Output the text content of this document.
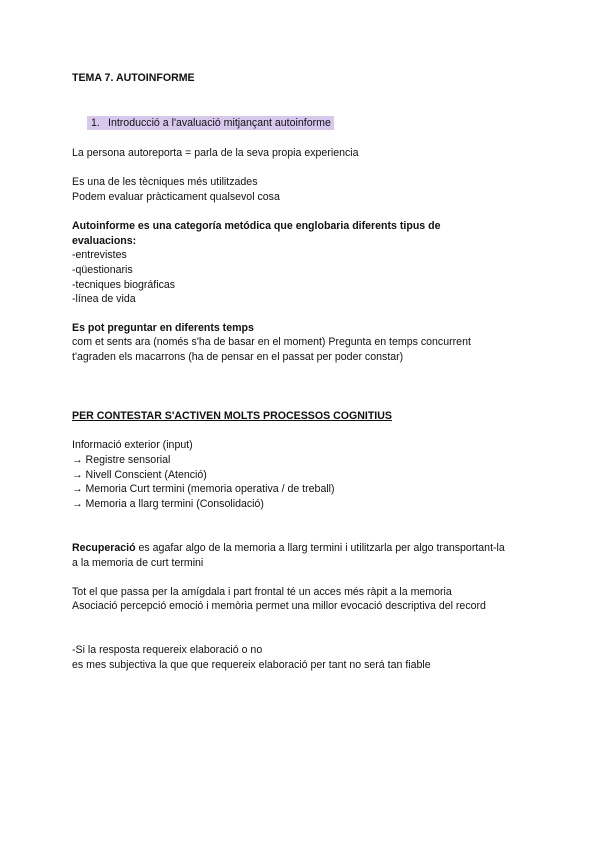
TEMA 7. AUTOINFORME
1. Introducció a l'avaluació mitjançant autoinforme
La persona autoreporta = parla de la seva propia experiencia
Es una de les tècniques més utilitzades
Podem evaluar pràcticament qualsevol cosa
Autoinforme es una categoría metódica que englobaria diferents tipus de
evaluacions:
-entrevistes
-qüestionaris
-tecniques biográficas
-línea de vida
Es pot preguntar en diferents temps
com et sents ara (només s'ha de basar en el moment) Pregunta en temps concurrent
t'agraden els macarrons (ha de pensar en el passat per poder constar)
PER CONTESTAR S'ACTIVEN MOLTS PROCESSOS COGNITIUS
Informació exterior (input)
→ Registre sensorial
→ Nivell Conscient (Atenció)
→ Memoria Curt termini (memoria operativa / de treball)
→ Memoria a llarg termini (Consolidació)
Recuperació es agafar algo de la memoria a llarg termini i utilitzarla per algo transportant-la
a la memoria de curt termini
Tot el que passa per la amígdala i part frontal té un acces més ràpit a la memoria
Asociació percepció emoció i memòria permet una millor evocació descriptiva del record
-Si la resposta requereix elaboració o no
es mes subjectiva la que que requereix elaboració per tant no será tan fiable
